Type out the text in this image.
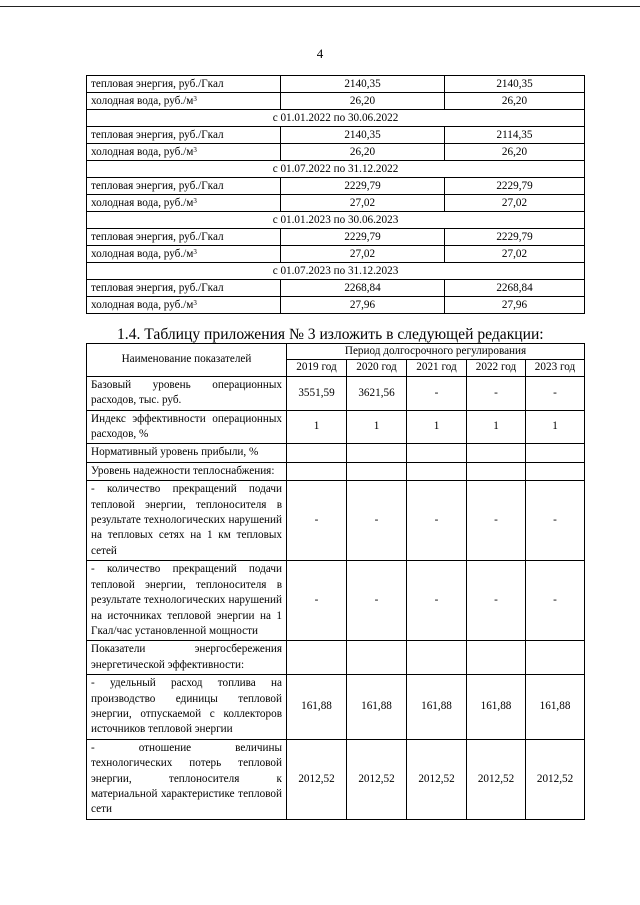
4
тепловая энергия, руб./Гкал	2140,35	2140,35
холодная вода, $руб./м^3$	26,20	26,20
с 01.01.2022 по 30.06.2022		
тепловая энергия, руб./Гкал	2140,35	2114,35
холодная вода, $руб./м^3$	26,20	26,20
с 01.07.2022 по 31.12.2022		
тепловая энергия, руб./Гкал	2229,79	2229,79
холодная вода, $руб./м^3$	27,02	27,02
с 01.01.2023 по 30.06.2023		
тепловая энергия, руб./Гкал	2229,79	2229,79
холодная вода, $руб./м^3$	27,02	27,02
с 01.07.2023 по 31.12.2023		
тепловая энергия, руб./Гкал	2268,84	2268,84
холодная вода, $руб./м^3$	27,96	27,96
1.4. Таблицу приложения № 3 изложить в следующей редакции:
Наименование показателей	Период долгосрочного регулирования				
	2019 год	2020 год	2021 год	2022 год	2023 год
Базовый уровень операционных расходов, тыс. руб.	3551,59	3621,56	-	-	-
Индекс эффективности операционных расходов, %	1	1	1	1	1
Нормативный уровень прибыли, %					
Уровень надежности теплоснабжения:					
- количество прекращений подачи тепловой энергии, теплоносителя в результате технологических нарушений на тепловых сетях на 1 км тепловых сетей	-	-	-	-	-
- количество прекращений подачи тепловой энергии, теплоносителя в результате технологических нарушений на источниках тепловой энергии на 1 Гкал/час установленной мощности	-	-	-	-	-
Показатели энергосбережения энергетической эффективности:					
- удельный расход топлива на производство единицы тепловой энергии, отпускаемой с коллекторов источников тепловой энергии	161,88	161,88	161,88	161,88	161,88
- отношение величины технологических потерь тепловой энергии, теплоносителя к материальной характеристике тепловой сети	2012,52	2012,52	2012,52	2012,52	2012,52
